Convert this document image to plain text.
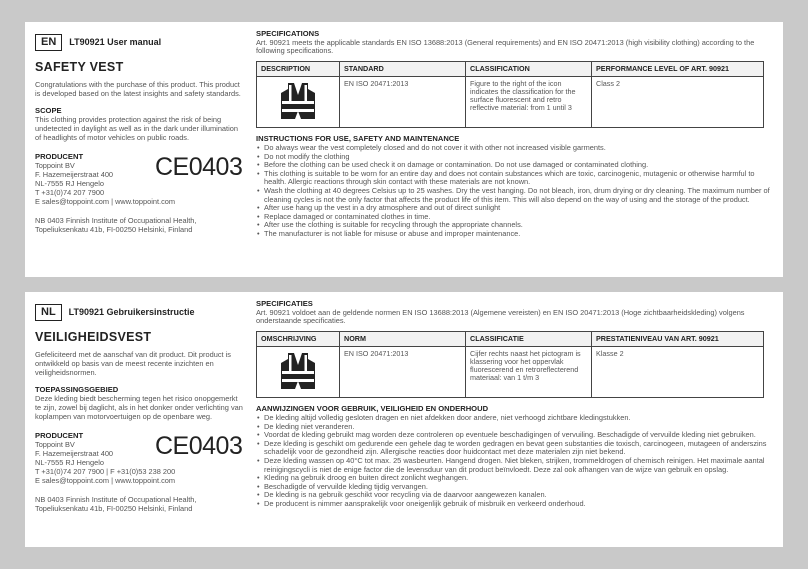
EN	LT90921 User manual
SAFETY VEST
Congratulations with the purchase of this product. This product is developed based on the latest insights and safety standards.
SCOPE
This clothing provides protection against the risk of being undetected in daylight as well as in the dark under illumination of headlights of motor vehicles on public roads.
PRODUCENT
Toppoint BV
F. Hazemeijerstraat 400
NL-7555 RJ Hengelo
T +31(0)74 207 7900
E sales@toppoint.com | www.toppoint.com
CE0403
NB 0403 Finnish Institute of Occupational Health, Topeliuksenkatu 41b, FI-00250 Helsinki, Finland
SPECIFICATIONS
Art. 90921 meets the applicable standards EN ISO 13688:2013 (General requirements) and EN ISO 20471:2013 (high visibility clothing) according to the following specifications.
DESCRIPTION	STANDARD	CLASSIFICATION	PERFORMANCE LEVEL OF ART. 90921
	EN ISO 20471:2013	Figure to the right of the icon indicates the classification for the surface fluorescent and retro reflective material: from 1 until 3	Class 2
INSTRUCTIONS FOR USE, SAFETY AND MAINTENANCE
• Do always wear the vest completely closed and do not cover it with other not increased visible garments.
• Do not modify the clothing
• Before the clothing can be used check it on damage or contamination. Do not use damaged or contaminated clothing.
• This clothing is suitable to be worn for an entire day and does not contain substances which are toxic, carcinogenic, mutagenic or otherwise harmful to health. Allergic reactions through skin contact with these materials are not known.
• Wash the clothing at 40 degrees Celsius up to 25 washes. Dry the vest hanging. Do not bleach, iron, drum drying or dry cleaning. The maximum number of cleaning cycles is not the only factor that affects the product life of this item. This will also depend on the way of using and the storage of the product.
• After use hang up the vest in a dry atmosphere and out of direct sunlight
• Replace damaged or contaminated clothes in time.
• After use the clothing is suitable for recycling through the appropriate channels.
• The manufacturer is not liable for misuse or abuse and improper maintenance.
NL	LT90921 Gebruikersinstructie
VEILIGHEIDSVEST
Gefeliciteerd met de aanschaf van dit product. Dit product is ontwikkeld op basis van de meest recente inzichten en veiligheidsnormen.
TOEPASSINGSGEBIED
Deze kleding biedt bescherming tegen het risico onopgemerkt te zijn, zowel bij daglicht, als in het donker onder verlichting van koplampen van motorvoertuigen op de openbare weg.
PRODUCENT
Toppoint BV
F. Hazemeijerstraat 400
NL-7555 RJ Hengelo
T +31(0)74 207 7900 | F +31(0)53 238 200
E sales@toppoint.com | www.toppoint.com
CE0403
NB 0403 Finnish Institute of Occupational Health, Topeliuksenkatu 41b, FI-00250 Helsinki, Finland
SPECIFICATIES
Art. 90921 voldoet aan de geldende normen EN ISO 13688:2013 (Algemene vereisten) en EN ISO 20471:2013 (Hoge zichtbaarheidskleding) volgens onderstaande specificaties.
OMSCHRIJVING	NORM	CLASSIFICATIE	PRESTATIENIVEAU VAN ART. 90921
	EN ISO 20471:2013	Cijfer rechts naast het pictogram is klassering voor het oppervlak fluorescerend en retroreflecterend materiaal: van 1 t/m 3	Klasse 2
AANWIJZINGEN VOOR GEBRUIK, VEILIGHEID EN ONDERHOUD
• De kleding altijd volledig gesloten dragen en niet afdekken door andere, niet verhoogd zichtbare kledingstukken.
• De kleding niet veranderen.
• Voordat de kleding gebruikt mag worden deze controleren op eventuele beschadigingen of vervuiling. Beschadigde of vervuilde kleding niet gebruiken.
• Deze kleding is geschikt om gedurende een gehele dag te worden gedragen en bevat geen substanties die toxisch, carcinogeen, mutageen of anderszins schadelijk voor de gezondheid zijn. Allergische reacties door huidcontact met deze materialen zijn niet bekend.
• Deze kleding wassen op 40°C tot max. 25 wasbeurten. Hangend drogen. Niet bleken, strijken, trommeldrogen of chemisch reinigen. Het maximale aantal reinigingscycli is niet de enige factor die de levensduur van dit product beïnvloedt. Deze zal ook afhangen van de wijze van gebruik en opslag.
• Kleding na gebruik droog en buiten direct zonlicht weghangen.
• Beschadigde of vervuilde kleding tijdig vervangen.
• De kleding is na gebruik geschikt voor recycling via de daarvoor aangewezen kanalen.
• De producent is nimmer aansprakelijk voor oneigenlijk gebruik of misbruik en verkeerd onderhoud.
